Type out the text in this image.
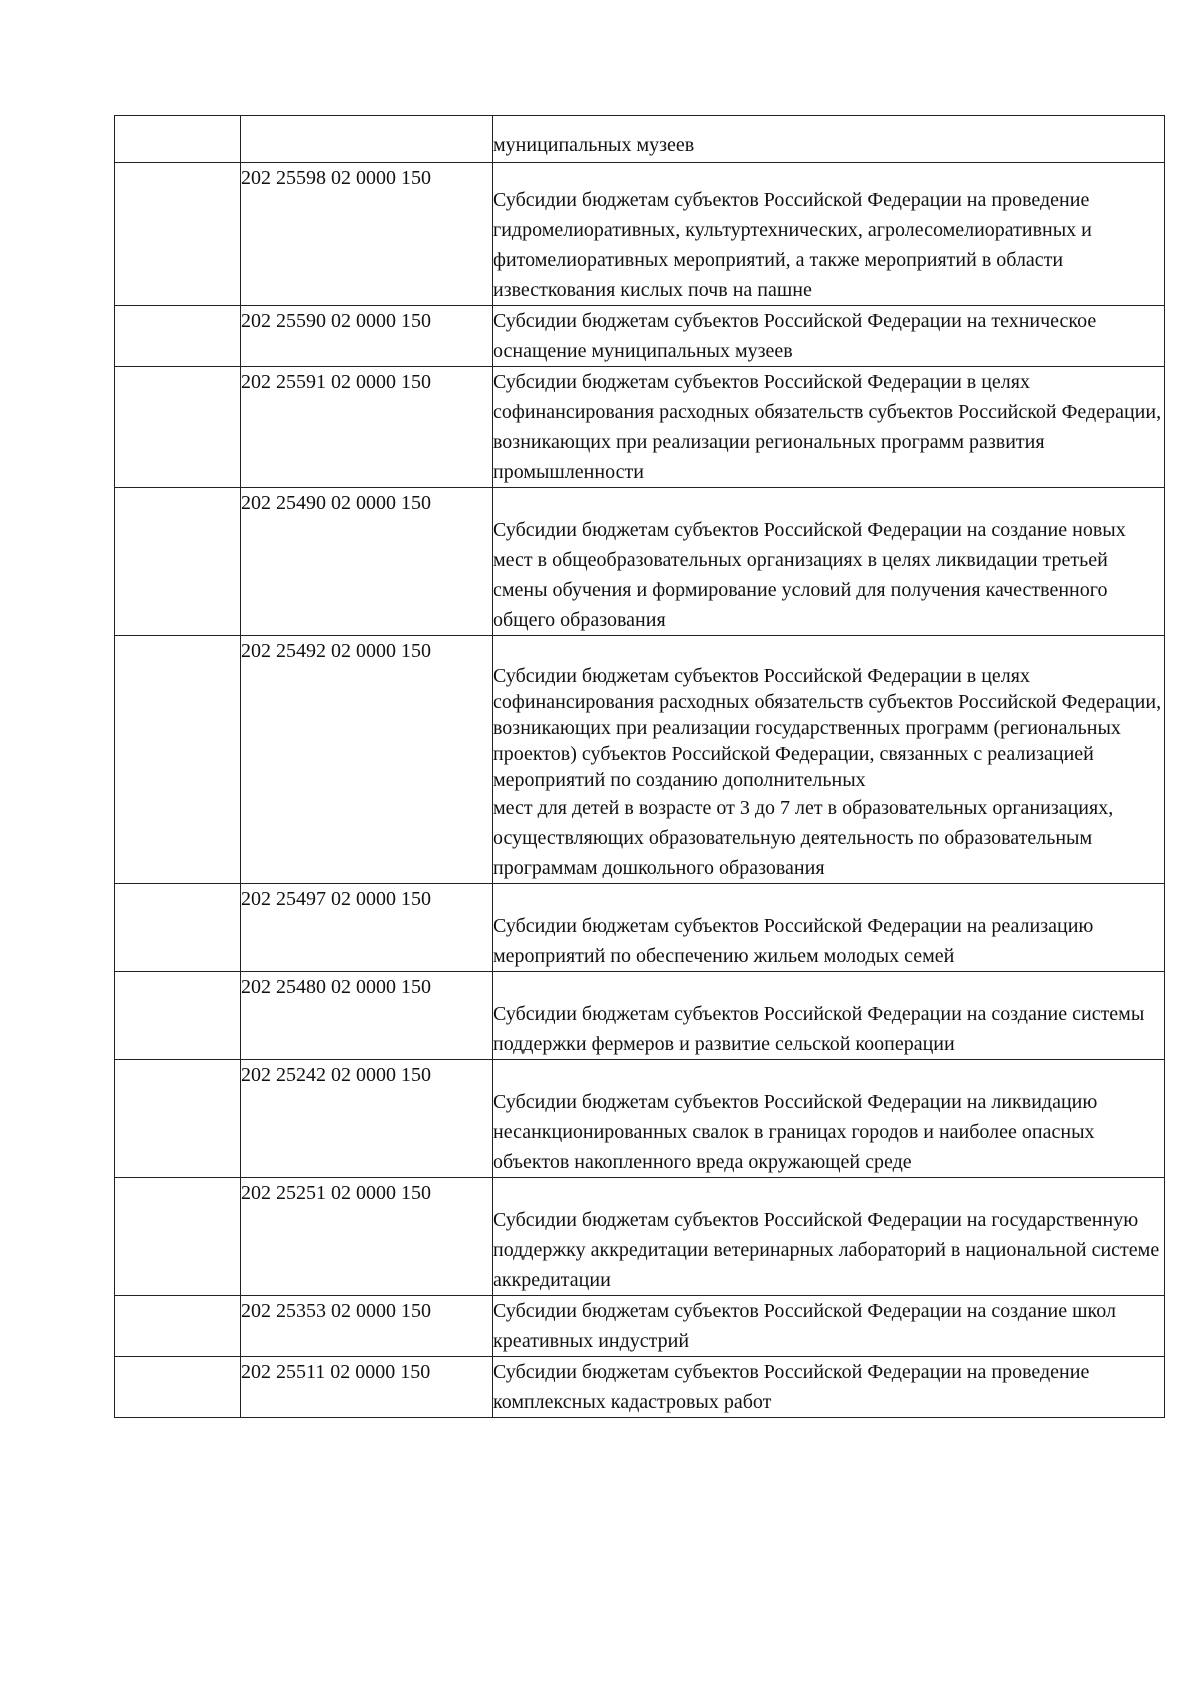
		муниципальных музеев
	202 25598 02 0000 150	Субсидии бюджетам субъектов Российской Федерации на проведение гидромелиоративных, культуртехнических, агролесомелиоративных и фитомелиоративных мероприятий, а также мероприятий в области известкования кислых почв на пашне
	202 25590 02 0000 150	Субсидии бюджетам субъектов Российской Федерации на техническое оснащение муниципальных музеев
	202 25591 02 0000 150	Субсидии бюджетам субъектов Российской Федерации в целях софинансирования расходных обязательств субъектов Российской Федерации, возникающих при реализации региональных программ развития промышленности
	202 25490 02 0000 150	Субсидии бюджетам субъектов Российской Федерации на создание новых мест в общеобразовательных организациях в целях ликвидации третьей смены обучения и формирование условий для получения качественного общего образования
	202 25492 02 0000 150	Субсидии бюджетам субъектов Российской Федерации в целях софинансирования расходных обязательств субъектов Российской Федерации, возникающих при реализации государственных программ (региональных проектов) субъектов Российской Федерации, связанных с реализацией мероприятий по созданию дополнительных
мест для детей в возрасте от 3 до 7 лет в образовательных организациях, осуществляющих образовательную деятельность по образовательным программам дошкольного образования

	202 25497 02 0000 150	Субсидии бюджетам субъектов Российской Федерации на реализацию мероприятий по обеспечению жильем молодых семей
	202 25480 02 0000 150	Субсидии бюджетам субъектов Российской Федерации на создание системы поддержки фермеров и развитие сельской кооперации
	202 25242 02 0000 150	Субсидии бюджетам субъектов Российской Федерации на ликвидацию несанкционированных свалок в границах городов и наиболее опасных объектов накопленного вреда окружающей среде
	202 25251 02 0000 150	Субсидии бюджетам субъектов Российской Федерации на государственную поддержку аккредитации ветеринарных лабораторий в национальной системе аккредитации
	202 25353 02 0000 150	Субсидии бюджетам субъектов Российской Федерации на создание школ креативных индустрий
	202 25511 02 0000 150	Субсидии бюджетам субъектов Российской Федерации на проведение комплексных кадастровых работ
